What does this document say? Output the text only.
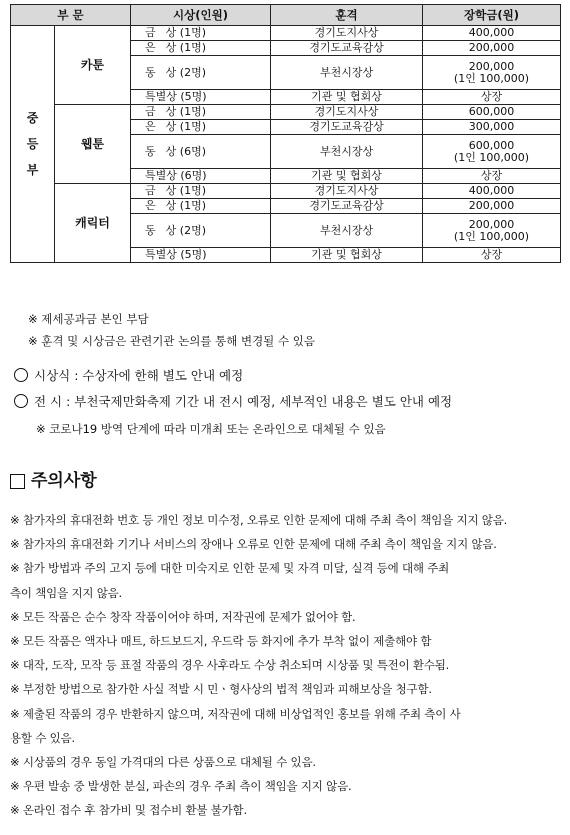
부 문		시상(인원)	훈격	장학금(원)

중
등
부	카툰	금 상 (1명)	경기도지사상	400,000

		은 상 (1명)	경기도교육감상	200,000

		동 상 (2명)	부천시장상	200,000
(1인 100,000)

		특별상 (5명)	기관 및 협회상	상장

	웹툰	금 상 (1명)	경기도지사상	600,000

		은 상 (1명)	경기도교육감상	300,000

		동 상 (6명)	부천시장상	600,000
(1인 100,000)

		특별상 (6명)	기관 및 협회상	상장

	캐릭터	금 상 (1명)	경기도지사상	400,000

		은 상 (1명)	경기도교육감상	200,000

		동 상 (2명)	부천시장상	200,000
(1인 100,000)

		특별상 (5명)	기관 및 협회상	상장
※ 제세공과금 본인 부담
※ 훈격 및 시상금은 관련기관 논의를 통해 변경될 수 있음
시상식 : 수상자에 한해 별도 안내 예정
전 시 : 부천국제만화축제 기간 내 전시 예정, 세부적인 내용은 별도 안내 예정
※ 코로나19 방역 단계에 따라 미개최 또는 온라인으로 대체될 수 있음
주의사항
※ 참가자의 휴대전화 번호 등 개인 정보 미수정, 오류로 인한 문제에 대해 주최 측이 책임을 지지 않음.
※ 참가자의 휴대전화 기기나 서비스의 장애나 오류로 인한 문제에 대해 주최 측이 책임을 지지 않음.
※ 참가 방법과 주의 고지 등에 대한 미숙지로 인한 문제 및 자격 미달, 실격 등에 대해 주최
측이 책임을 지지 않음.
※ 모든 작품은 순수 창작 작품이어야 하며, 저작권에 문제가 없어야 함.
※ 모든 작품은 액자나 매트, 하드보드지, 우드락 등 화지에 추가 부착 없이 제출해야 함
※ 대작, 도작, 모작 등 표절 작품의 경우 사후라도 수상 취소되며 시상품 및 특전이 환수됨.
※ 부정한 방법으로 참가한 사실 적발 시 민ㆍ형사상의 법적 책임과 피해보상을 청구함.
※ 제출된 작품의 경우 반환하지 않으며, 저작권에 대해 비상업적인 홍보를 위해 주최 측이 사
용할 수 있음.
※ 시상품의 경우 동일 가격대의 다른 상품으로 대체될 수 있음.
※ 우편 발송 중 발생한 분실, 파손의 경우 주최 측이 책임을 지지 않음.
※ 온라인 접수 후 참가비 및 접수비 환불 불가함.
